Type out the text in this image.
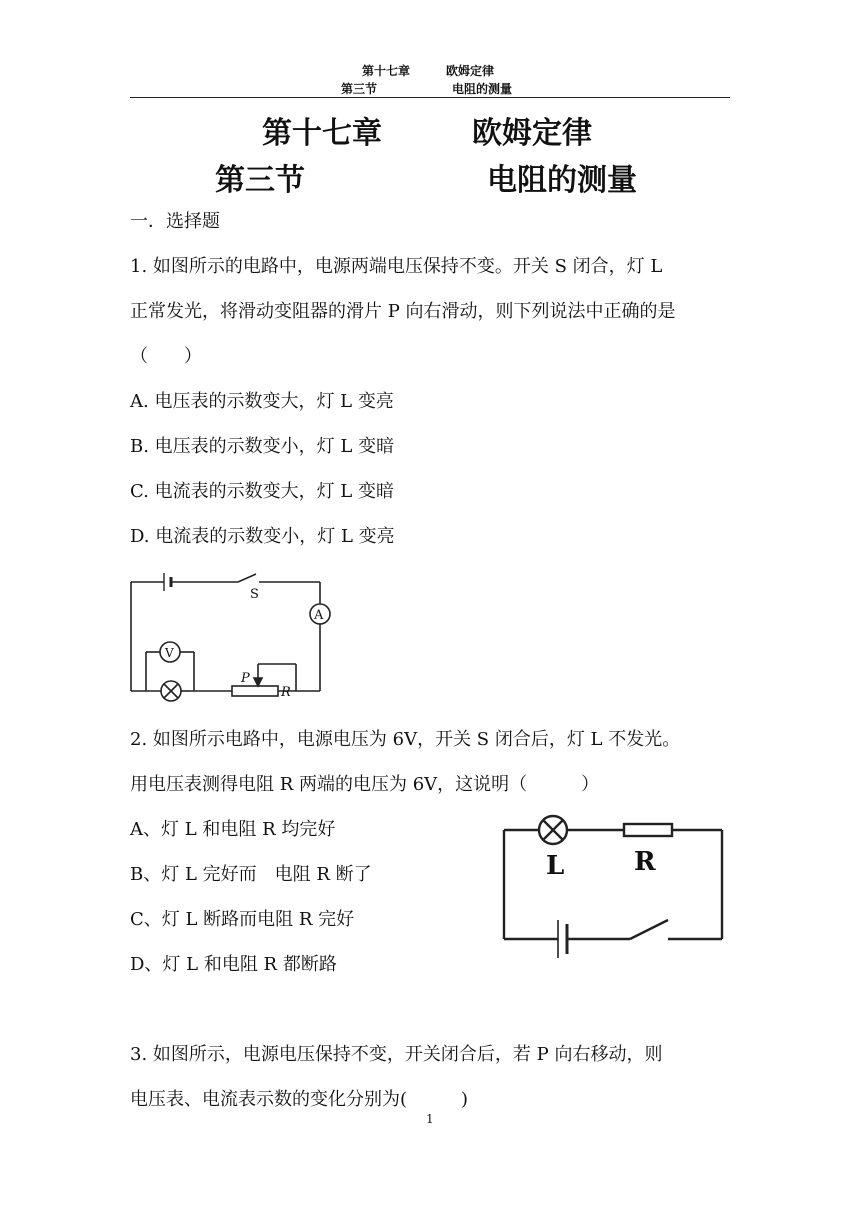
第十七章	欧姆定律
第三节	电阻的测量
第十七章	欧姆定律
第三节	电阻的测量
一．选择题
1. 如图所示的电路中，电源两端电压保持不变。开关 S 闭合，灯 L
正常发光，将滑动变阻器的滑片 P 向右滑动，则下列说法中正确的是
（　　）
A. 电压表的示数变大，灯 L 变亮
B. 电压表的示数变小，灯 L 变暗
C. 电流表的示数变大，灯 L 变暗
D. 电流表的示数变小，灯 L 变亮
S
A
V
P
R
2. 如图所示电路中，电源电压为 6V，开关 S 闭合后，灯 L 不发光。
用电压表测得电阻 R 两端的电压为 6V，这说明（　　　）
A、灯 L 和电阻 R 均完好
B、灯 L 完好而　电阻 R 断了
C、灯 L 断路而电阻 R 完好
D、灯 L 和电阻 R 都断路
L	R
3. 如图所示，电源电压保持不变，开关闭合后，若 P 向右移动，则
电压表、电流表示数的变化分别为(　　　)
1
